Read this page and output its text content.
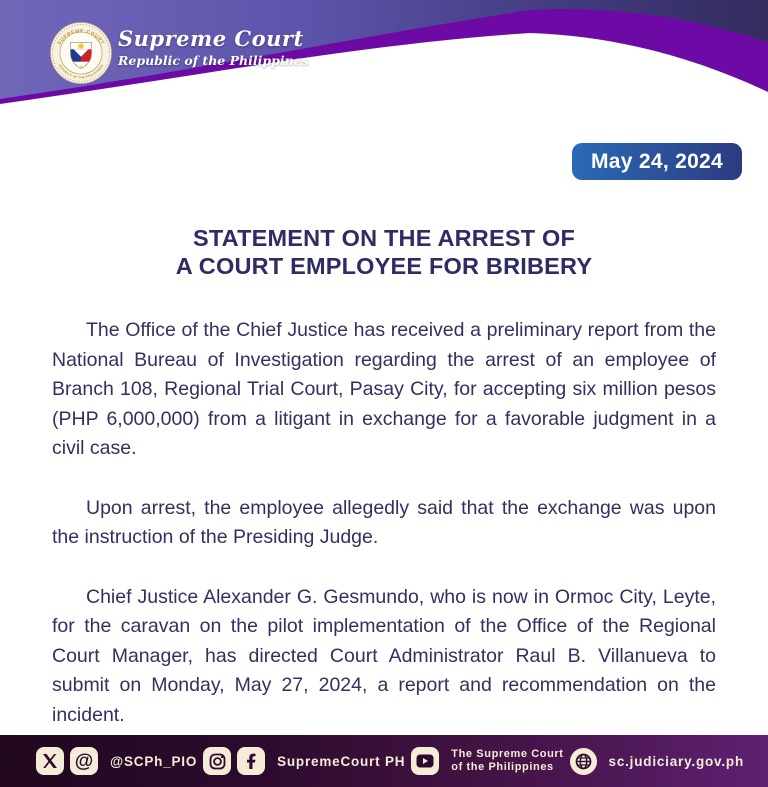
SUPREME COURT
REPUBLIC OF THE PHILIPPINES
Supreme Court
Republic of the Philippines
May 24, 2024
STATEMENT ON THE ARREST OF
A COURT EMPLOYEE FOR BRIBERY

The Office of the Chief Justice has received a preliminary report from the National Bureau of Investigation regarding the arrest of an employee of Branch 108, Regional Trial Court, Pasay City, for accepting six million pesos (PHP 6,000,000) from a litigant in exchange for a favorable judgment in a civil case.

Upon arrest, the employee allegedly said that the exchange was upon the instruction of the Presiding Judge.

Chief Justice Alexander G. Gesmundo, who is now in Ormoc City, Leyte, for the caravan on the pilot implementation of the Office of the Regional Court Manager, has directed Court Administrator Raul B. Villanueva to submit on Monday, May 27, 2024, a report and recommendation on the incident.

@ @SCPh_PIO	SupremeCourt PH	The Supreme Court
of the Philippines	sc.judiciary.gov.ph
